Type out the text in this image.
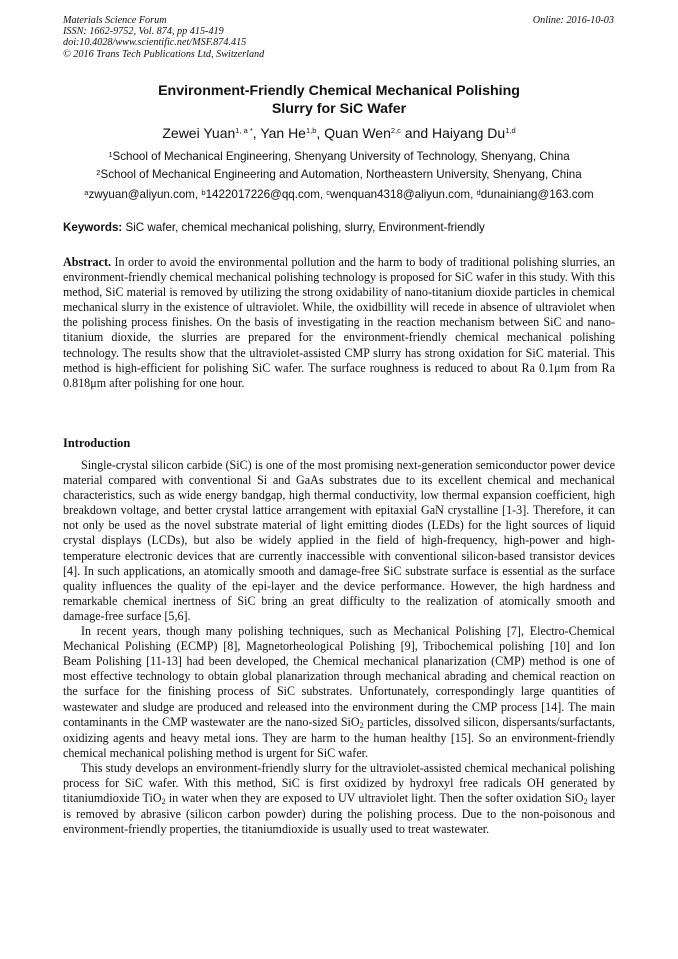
Materials Science Forum
ISSN: 1662-9752, Vol. 874, pp 415-419
doi:10.4028/www.scientific.net/MSF.874.415
© 2016 Trans Tech Publications Ltd, Switzerland
Online: 2016-10-03
Environment-Friendly Chemical Mechanical Polishing
Slurry for SiC Wafer
Zewei Yuan$^{1, a *}$, Yan He$^{1,b}$, Quan Wen$^{2,c}$ and Haiyang Du$^{1,d}$
$^1$School of Mechanical Engineering, Shenyang University of Technology, Shenyang, China
$^2$School of Mechanical Engineering and Automation, Northeastern University, Shenyang, China
$^a$zwyuan@aliyun.com, $^b$1422017226@qq.com, $^c$wenquan4318@aliyun.com, $^d$dunainiang@163.com
Keywords: SiC wafer, chemical mechanical polishing, slurry, Environment-friendly

Abstract. In order to avoid the environmental pollution and the harm to body of traditional polishing slurries, an environment-friendly chemical mechanical polishing technology is proposed for SiC wafer in this study. With this method, SiC material is removed by utilizing the strong oxidability of nano-titanium dioxide particles in chemical mechanical slurry in the existence of ultraviolet. While, the oxidbillity will recede in absence of ultraviolet when the polishing process finishes. On the basis of investigating in the reaction mechanism between SiC and nano-titanium dioxide, the slurries are prepared for the environment-friendly chemical mechanical polishing technology. The results show that the ultraviolet-assisted CMP slurry has strong oxidation for SiC material. This method is high-efficient for polishing SiC wafer. The surface roughness is reduced to about Ra 0.1μm from Ra 0.818μm after polishing for one hour.

Introduction

Single-crystal silicon carbide (SiC) is one of the most promising next-generation semiconductor power device material compared with conventional Si and GaAs substrates due to its excellent chemical and mechanical characteristics, such as wide energy bandgap, high thermal conductivity, low thermal expansion coefficient, high breakdown voltage, and better crystal lattice arrangement with epitaxial GaN crystalline [1-3]. Therefore, it can not only be used as the novel substrate material of light emitting diodes (LEDs) for the light sources of liquid crystal displays (LCDs), but also be widely applied in the field of high-frequency, high-power and high-temperature electronic devices that are currently inaccessible with conventional silicon-based transistor devices [4]. In such applications, an atomically smooth and damage-free SiC substrate surface is essential as the surface quality influences the quality of the epi-layer and the device performance. However, the high hardness and remarkable chemical inertness of SiC bring an great difficulty to the realization of atomically smooth and damage-free surface [5,6].

In recent years, though many polishing techniques, such as Mechanical Polishing [7], Electro-Chemical Mechanical Polishing (ECMP) [8], Magnetorheological Polishing [9], Tribochemical polishing [10] and Ion Beam Polishing [11-13] had been developed, the Chemical mechanical planarization (CMP) method is one of most effective technology to obtain global planarization through mechanical abrading and chemical reaction on the surface for the finishing process of SiC substrates. Unfortunately, correspondingly large quantities of wastewater and sludge are produced and released into the environment during the CMP process [14]. The main contaminants in the CMP wastewater are the nano-sized SiO$_2$ particles, dissolved silicon, dispersants/surfactants, oxidizing agents and heavy metal ions. They are harm to the human healthy [15]. So an environment-friendly chemical mechanical polishing method is urgent for SiC wafer.

This study develops an environment-friendly slurry for the ultraviolet-assisted chemical mechanical polishing process for SiC wafer. With this method, SiC is first oxidized by hydroxyl free radicals OH generated by titaniumdioxide TiO$_2$ in water when they are exposed to UV ultraviolet light. Then the softer oxidation SiO$_2$ layer is removed by abrasive (silicon carbon powder) during the polishing process. Due to the non-poisonous and environment-friendly properties, the titaniumdioxide is usually used to treat wastewater.
